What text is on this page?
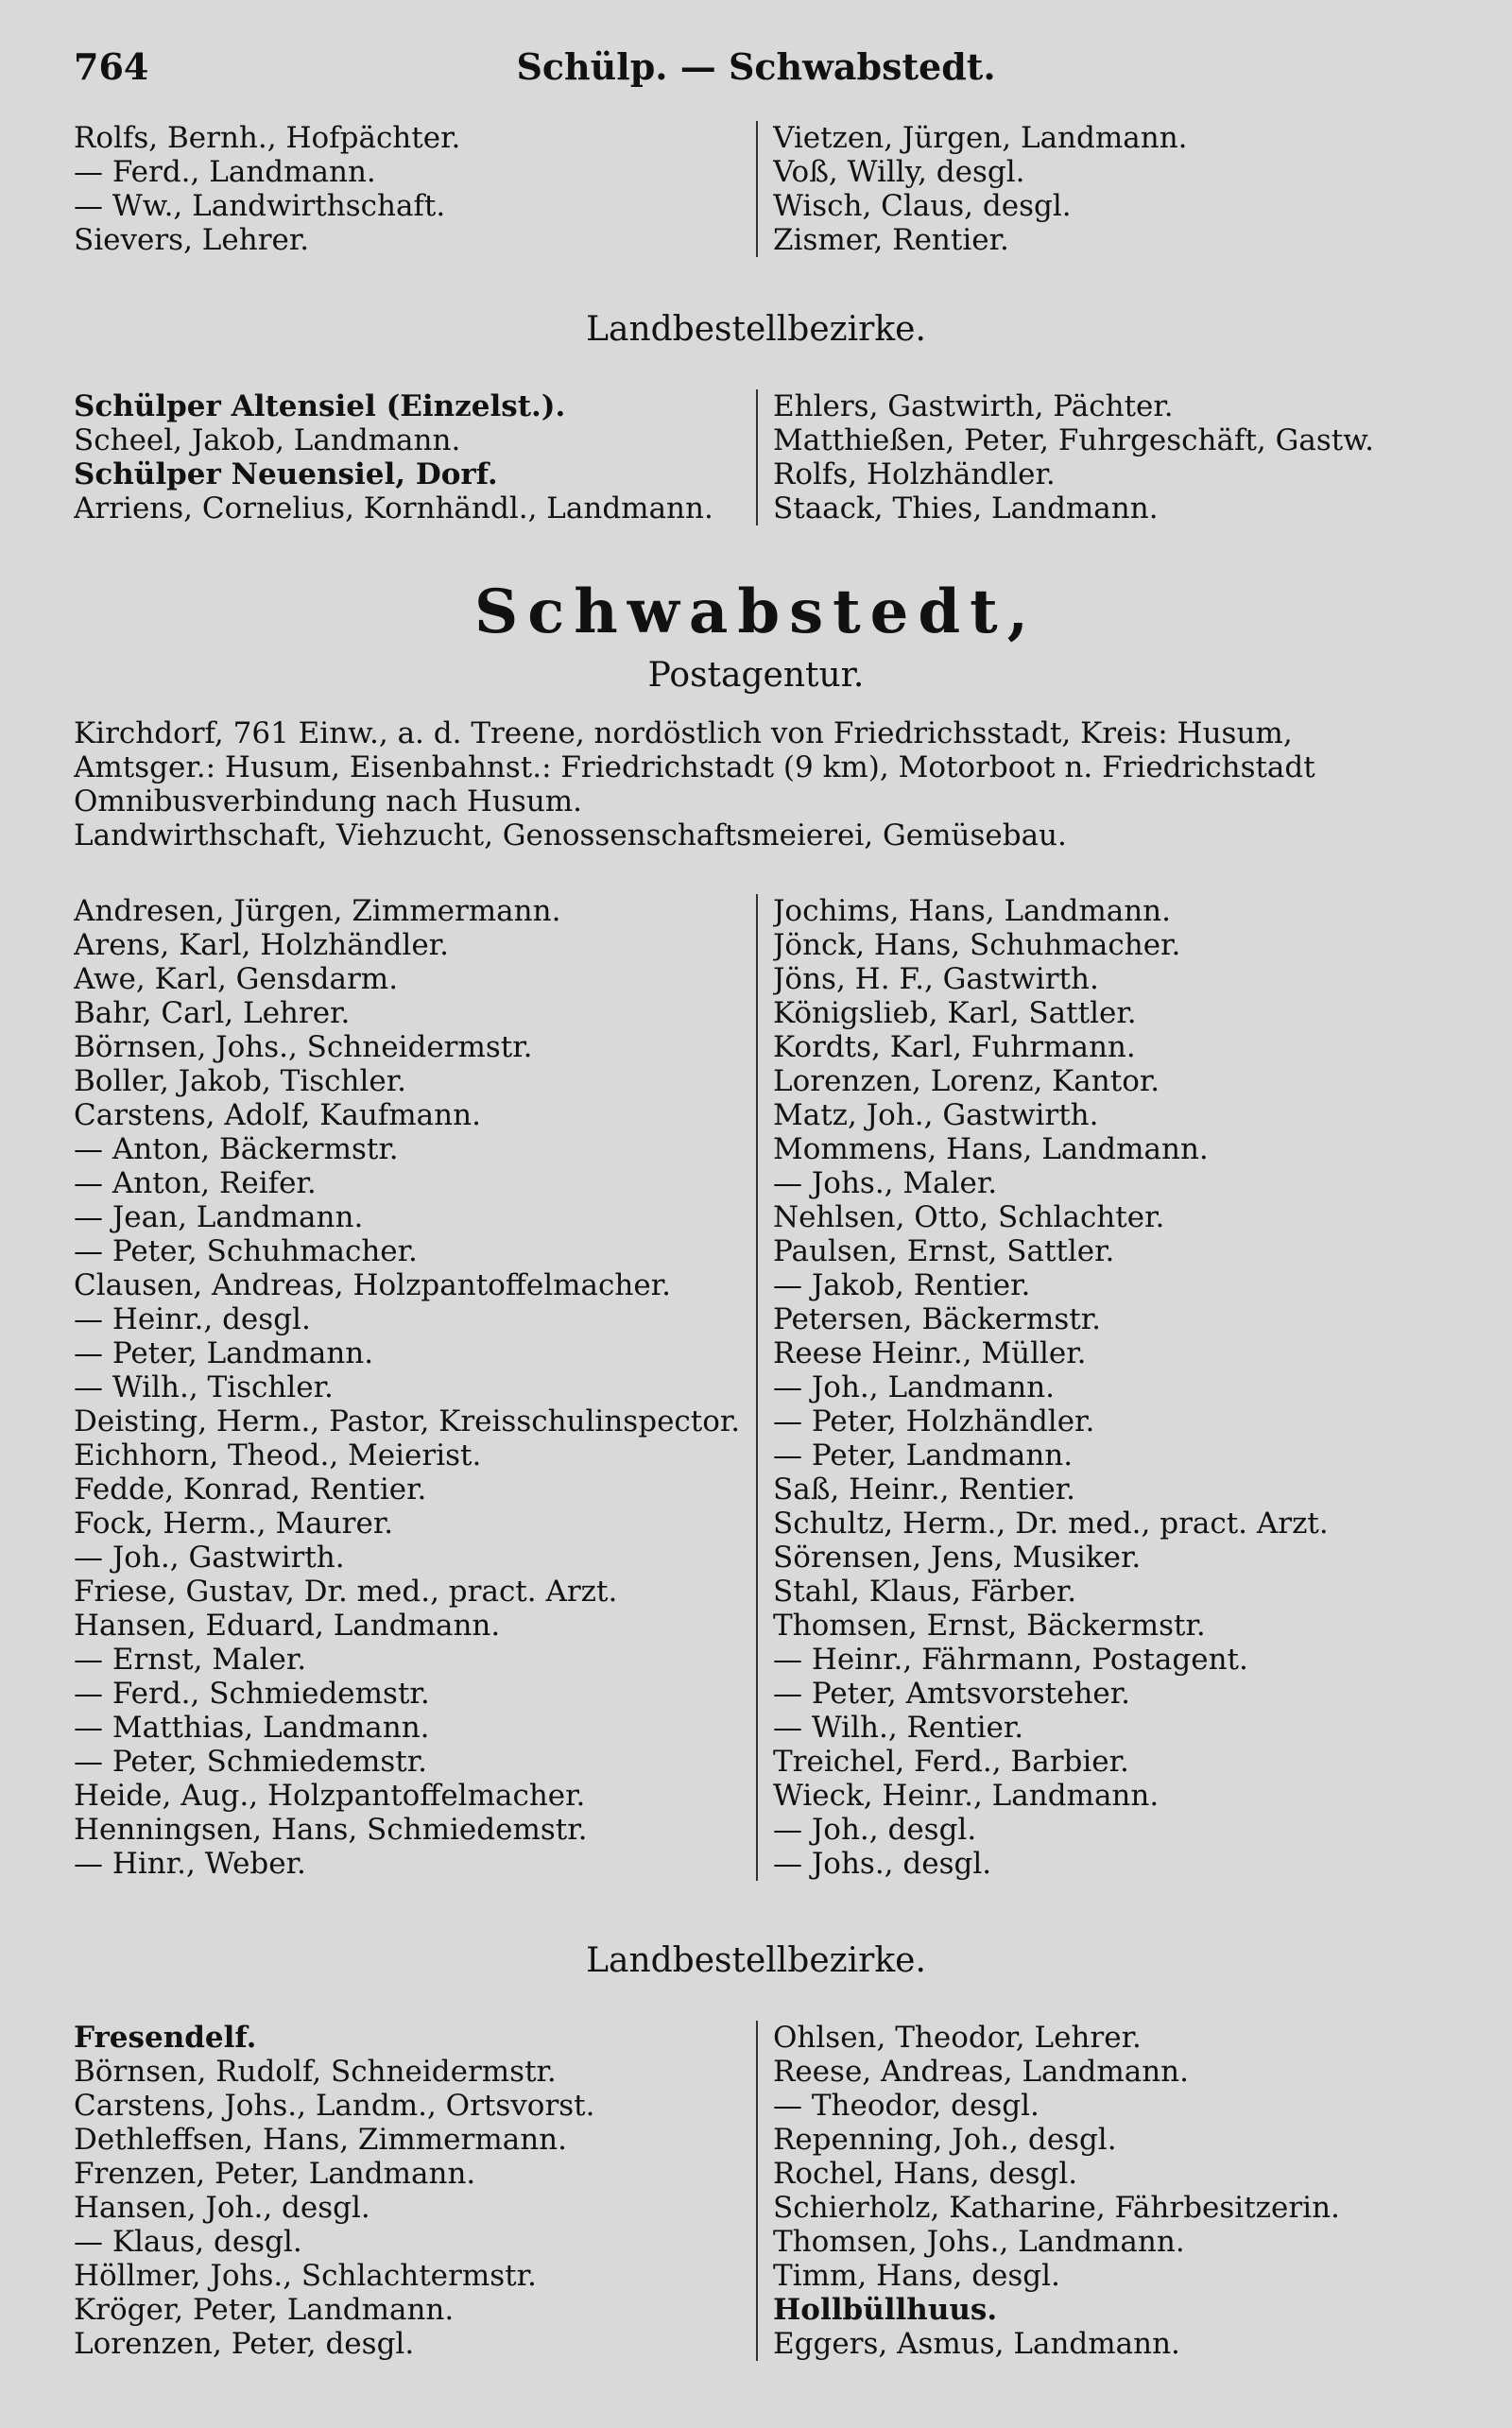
764	Schülp. — Schwabstedt.
Rolfs, Bernh., Hofpächter.
— Ferd., Landmann.
— Ww., Landwirthschaft.
Sievers, Lehrer.
Vietzen, Jürgen, Landmann.
Voß, Willy, desgl.
Wisch, Claus, desgl.
Zismer, Rentier.
Landbestellbezirke.
Schülper Altensiel (Einzelst.).
Scheel, Jakob, Landmann.
Schülper Neuensiel, Dorf.
Arriens, Cornelius, Kornhändl., Landmann.
Ehlers, Gastwirth, Pächter.
Matthießen, Peter, Fuhrgeschäft, Gastw.
Rolfs, Holzhändler.
Staack, Thies, Landmann.
Schwabstedt,
Postagentur.
Kirchdorf, 761 Einw., a. d. Treene, nordöstlich von Friedrichsstadt, Kreis: Husum,
Amtsger.: Husum, Eisenbahnst.: Friedrichstadt (9 km), Motorboot n. Friedrichstadt
Omnibusverbindung nach Husum.
Landwirthschaft, Viehzucht, Genossenschaftsmeierei, Gemüsebau.
Andresen, Jürgen, Zimmermann.
Arens, Karl, Holzhändler.
Awe, Karl, Gensdarm.
Bahr, Carl, Lehrer.
Börnsen, Johs., Schneidermstr.
Boller, Jakob, Tischler.
Carstens, Adolf, Kaufmann.
— Anton, Bäckermstr.
— Anton, Reifer.
— Jean, Landmann.
— Peter, Schuhmacher.
Clausen, Andreas, Holzpantoffelmacher.
— Heinr., desgl.
— Peter, Landmann.
— Wilh., Tischler.
Deisting, Herm., Pastor, Kreisschulinspector.
Eichhorn, Theod., Meierist.
Fedde, Konrad, Rentier.
Fock, Herm., Maurer.
— Joh., Gastwirth.
Friese, Gustav, Dr. med., pract. Arzt.
Hansen, Eduard, Landmann.
— Ernst, Maler.
— Ferd., Schmiedemstr.
— Matthias, Landmann.
— Peter, Schmiedemstr.
Heide, Aug., Holzpantoffelmacher.
Henningsen, Hans, Schmiedemstr.
— Hinr., Weber.
Jochims, Hans, Landmann.
Jönck, Hans, Schuhmacher.
Jöns, H. F., Gastwirth.
Königslieb, Karl, Sattler.
Kordts, Karl, Fuhrmann.
Lorenzen, Lorenz, Kantor.
Matz, Joh., Gastwirth.
Mommens, Hans, Landmann.
— Johs., Maler.
Nehlsen, Otto, Schlachter.
Paulsen, Ernst, Sattler.
— Jakob, Rentier.
Petersen, Bäckermstr.
Reese Heinr., Müller.
— Joh., Landmann.
— Peter, Holzhändler.
— Peter, Landmann.
Saß, Heinr., Rentier.
Schultz, Herm., Dr. med., pract. Arzt.
Sörensen, Jens, Musiker.
Stahl, Klaus, Färber.
Thomsen, Ernst, Bäckermstr.
— Heinr., Fährmann, Postagent.
— Peter, Amtsvorsteher.
— Wilh., Rentier.
Treichel, Ferd., Barbier.
Wieck, Heinr., Landmann.
— Joh., desgl.
— Johs., desgl.
Landbestellbezirke.
Fresendelf.
Börnsen, Rudolf, Schneidermstr.
Carstens, Johs., Landm., Ortsvorst.
Dethleffsen, Hans, Zimmermann.
Frenzen, Peter, Landmann.
Hansen, Joh., desgl.
— Klaus, desgl.
Höllmer, Johs., Schlachtermstr.
Kröger, Peter, Landmann.
Lorenzen, Peter, desgl.
Ohlsen, Theodor, Lehrer.
Reese, Andreas, Landmann.
— Theodor, desgl.
Repenning, Joh., desgl.
Rochel, Hans, desgl.
Schierholz, Katharine, Fährbesitzerin.
Thomsen, Johs., Landmann.
Timm, Hans, desgl.
Hollbüllhuus.
Eggers, Asmus, Landmann.
